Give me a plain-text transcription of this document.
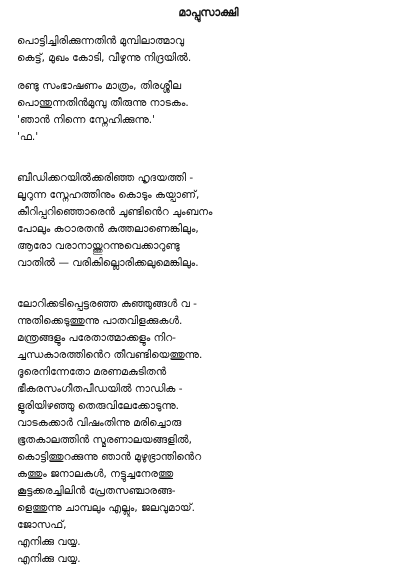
മാപ്പുസാക്ഷി
പൊട്ടിച്ചിരിക്കുന്നതിൻ മുമ്പിലാത്മാവു
കെട്ട്, മുഖം കോടി, വീഴുന്നു നിദ്രയിൽ.
രണ്ടു സംഭാഷണം മാത്രം, തിരശ്ശീല
പൊന്തുന്നതിൻമുമ്പു തീരുന്നു നാടകം.
'ഞാൻ നിന്നെ സ്നേഹിക്കുന്നു.'
'ഫ.'
ബീഡിക്കറയിൽക്കരിഞ്ഞ ഹൃദയത്തി -
ലൂറുന്ന സ്നേഹത്തിനും കൊടും കയ്പാണ്,
കീറിപ്പറിഞ്ഞൊരെൻ ചുണ്ടിൻെറ ചുംബനം
പോലും കഠാരതൻ കുത്തലാണെങ്കിലും,
ആരോ വരാനായ്ത്തുറന്നുവെക്കാറുണ്ടു
വാതിൽ — വരികില്ലൊരിക്കലുമെങ്കിലും.
ലോറിക്കടിപ്പെട്ടരഞ്ഞ കുഞ്ഞുങ്ങൾ വ -
ന്നുതിക്കെടുത്തുന്നു പാതവിളക്കുകൾ.
മന്ത്രങ്ങളും പരേതാത്മാക്കളും നിറ-
ച്ചന്ധകാരത്തിൻെറ തീവണ്ടിയെത്തുന്നു.
ദൂരെനിന്നേതോ മരണമകുടിതൻ
ഭീകരസംഗീതപീഡയിൽ നാഡിക -
ളുരിയിഴഞ്ഞു തെരുവിലേക്കോടുന്നു.
വാടകക്കാർ വിഷംതിന്നു മരിച്ചൊരു
ഭൂതകാലത്തിൻ സ്മരണാലയങ്ങളിൽ,
കൊട്ടിത്തുറക്കുന്നു ഞാൻ മുഴുഭ്രാന്തിൻെറ
കത്തും ജനാലകൾ, നട്ടുച്ചനേരത്തു
കൂട്ടക്കരച്ചിലിൻ പ്രേതസഞ്ചാരങ്ങ-
ളെത്തുന്നു ചാമ്പലും എല്ലും, ജലവുമായ്.
ജോസഫ്,
എനിക്കു വയ്യ.
എനിക്കു വയ്യ.
